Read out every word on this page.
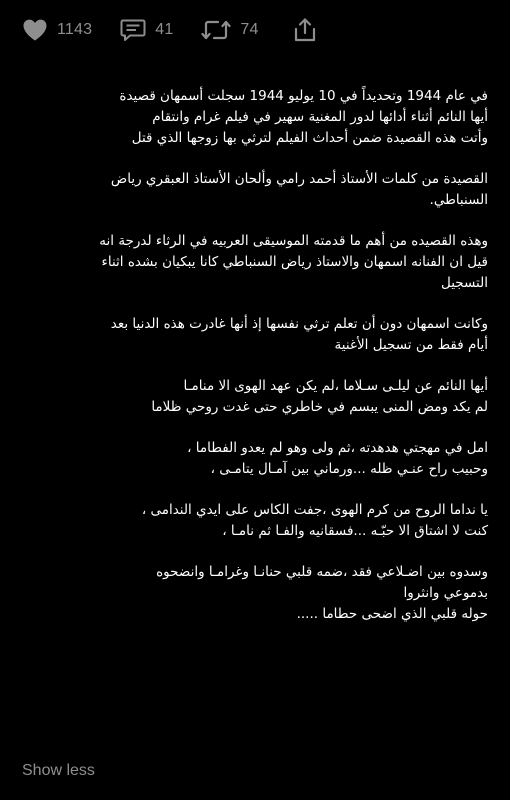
1143	41	74
في عام 1944 وتحديداً في 10 يوليو 1944 سجلت أسمهان قصيدة
أيها النائم أثناء أدائها لدور المغنية سهير في فيلم غرام وانتقام
وأتت هذه القصيدة ضمن أحداث الفيلم لترثي بها زوجها الذي قتل
القصيدة من كلمات الأستاذ أحمد رامي وألحان الأستاذ العبقري رياض
السنباطي.
وهذه القصيده من أهم ما قدمته الموسيقى العربيه في الرثاء لدرجة انه
قيل ان الفنانه اسمهان والاستاذ رياض السنباطي كانا يبكيان بشده اثناء
التسجيل
وكانت اسمهان دون أن تعلم ترثي نفسها إذ أنها غادرت هذه الدنيا بعد
أيام فقط من تسجيل الأغنية
أيها النائم عن ليلـى سـلاما ،لم يكن عهد الهوى الا منامـا
لم يكد ومض المنى يبسم في خاطري حتى غدت روحي ظلاما
امل في مهجتي هدهدته ،ثم ولى وهو لم يعدو الفطاما ،
وحبيب راح عنـي ظله ...ورماني بين آمـال يتامـى ،
يا نداما الروح من كرم الهوى ،جفت الكاس على ايدي الندامى ،
كنت لا اشتاق الا حبّـه ...فسقانيه والفـا ثم نامـا ،
وسدوه بين اضـلاعي فقد ،ضمه قلبي حنانـا وغرامـا وانضحوه
بدموعي وانثروا
حوله قلبي الذي اضحى حطاما .....
Show less
